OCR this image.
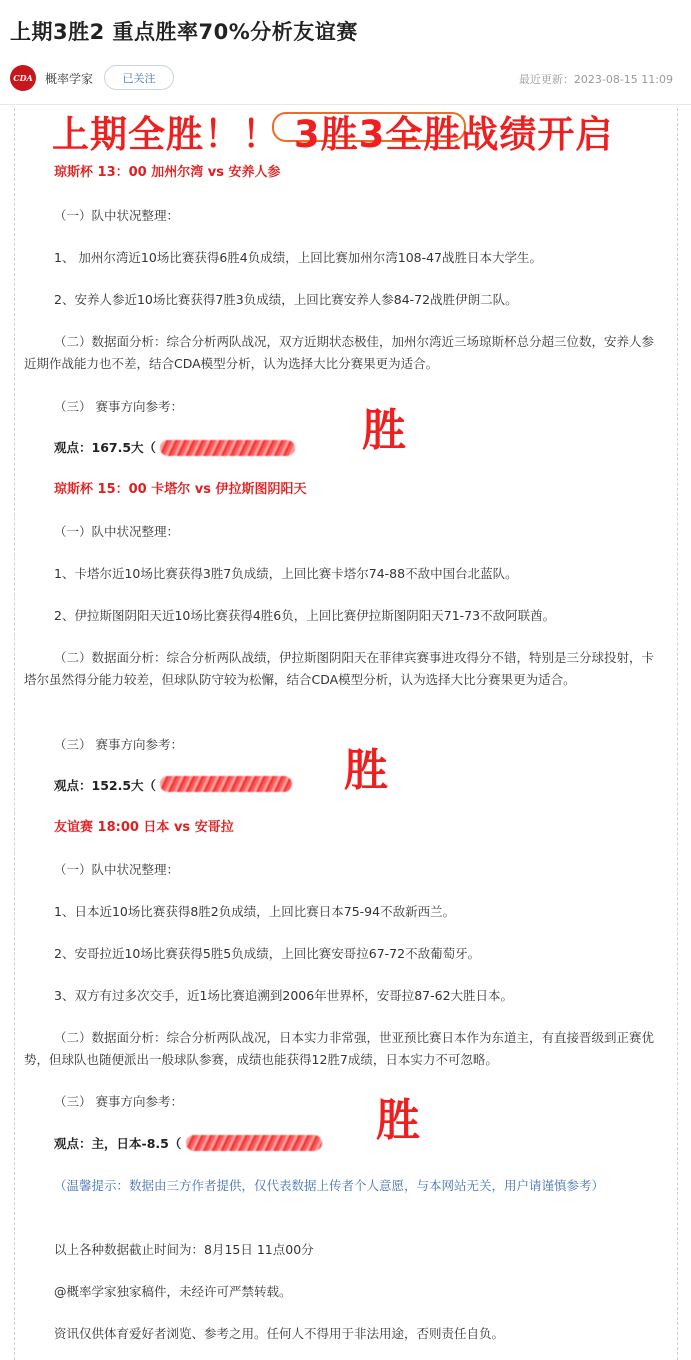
上期3胜2 重点胜率70%分析友谊赛
CDA 概率学家	已关注	最近更新：2023-08-15 11:09
上期全胜！！ 3胜3全胜战绩开启

琼斯杯 13：00 加州尔湾 vs 安养人参

（一）队中状况整理：

1、 加州尔湾近10场比赛获得6胜4负成绩，上回比赛加州尔湾108-47战胜日本大学生。

2、安养人参近10场比赛获得7胜3负成绩，上回比赛安养人参84-72战胜伊朗二队。

（二）数据面分析：综合分析两队战况，双方近期状态极佳，加州尔湾近三场琼斯杯总分超三位数，安养人参近期作战能力也不差，结合CDA模型分析，认为选择大比分赛果更为适合。

（三） 赛事方向参考：

观点：167.5大（	胜

琼斯杯 15：00 卡塔尔 vs 伊拉斯图阴阳天

（一）队中状况整理：

1、卡塔尔近10场比赛获得3胜7负成绩，上回比赛卡塔尔74-88不敌中国台北蓝队。

2、伊拉斯图阴阳天近10场比赛获得4胜6负，上回比赛伊拉斯图阴阳天71-73不敌阿联酋。

（二）数据面分析：综合分析两队战绩，伊拉斯图阴阳天在菲律宾赛事进攻得分不错，特别是三分球投射，卡塔尔虽然得分能力较差，但球队防守较为松懈，结合CDA模型分析，认为选择大比分赛果更为适合。

（三） 赛事方向参考：

观点：152.5大（	胜

友谊赛 18:00 日本 vs 安哥拉

（一）队中状况整理：

1、日本近10场比赛获得8胜2负成绩，上回比赛日本75-94不敌新西兰。

2、安哥拉近10场比赛获得5胜5负成绩，上回比赛安哥拉67-72不敌葡萄牙。

3、双方有过多次交手，近1场比赛追溯到2006年世界杯，安哥拉87-62大胜日本。

（二）数据面分析：综合分析两队战况，日本实力非常强，世亚预比赛日本作为东道主，有直接晋级到正赛优势，但球队也随便派出一般球队参赛，成绩也能获得12胜7成绩，日本实力不可忽略。

（三） 赛事方向参考：

观点：主，日本-8.5（	胜

（温馨提示：数据由三方作者提供，仅代表数据上传者个人意愿，与本网站无关，用户请谨慎参考）

以上各种数据截止时间为：8月15日 11点00分

@概率学家独家稿件，未经许可严禁转载。

资讯仅供体育爱好者浏览、参考之用。任何人不得用于非法用途，否则责任自负。
